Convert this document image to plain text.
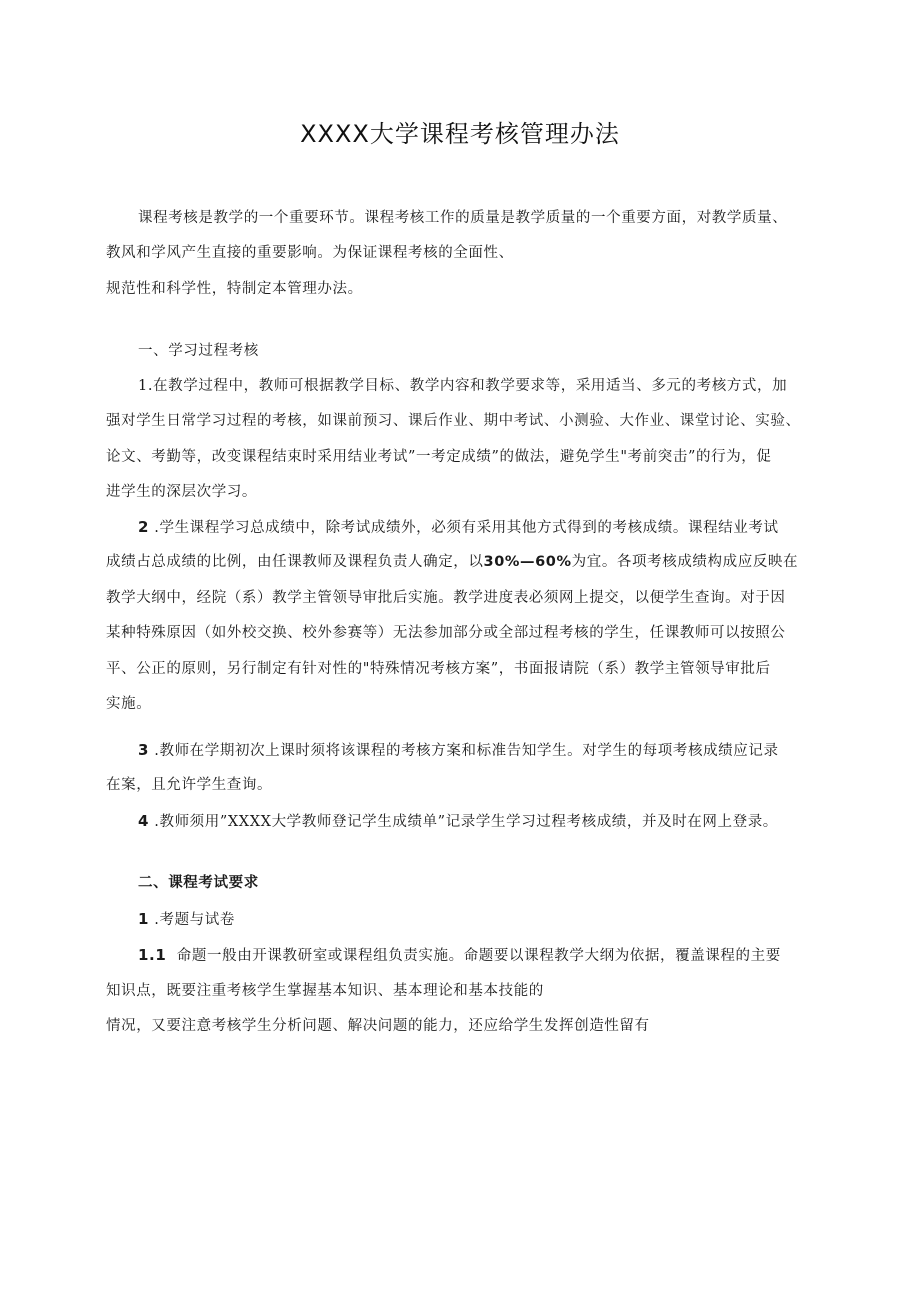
XXXX大学课程考核管理办法
课程考核是教学的一个重要环节。课程考核工作的质量是教学质量的一个重要方面，对教学质量、
教风和学风产生直接的重要影响。为保证课程考核的全面性、
规范性和科学性，特制定本管理办法。
一、学习过程考核
1.在教学过程中，教师可根据教学目标、教学内容和教学要求等，采用适当、多元的考核方式，加
强对学生日常学习过程的考核，如课前预习、课后作业、期中考试、小测验、大作业、课堂讨论、实验、
论文、考勤等，改变课程结束时采用结业考试”一考定成绩”的做法，避免学生"考前突击”的行为，促
进学生的深层次学习。
2 .学生课程学习总成绩中，除考试成绩外，必须有采用其他方式得到的考核成绩。课程结业考试
成绩占总成绩的比例，由任课教师及课程负责人确定，以30%—60%为宜。各项考核成绩构成应反映在
教学大纲中，经院（系）教学主管领导审批后实施。教学进度表必须网上提交，以便学生查询。对于因
某种特殊原因（如外校交换、校外参赛等）无法参加部分或全部过程考核的学生，任课教师可以按照公
平、公正的原则，另行制定有针对性的"特殊情况考核方案”，书面报请院（系）教学主管领导审批后
实施。
3 .教师在学期初次上课时须将该课程的考核方案和标准告知学生。对学生的每项考核成绩应记录
在案，且允许学生查询。
4 .教师须用”XXXX大学教师登记学生成绩单”记录学生学习过程考核成绩，并及时在网上登录。
二、课程考试要求
1 .考题与试卷
1.1 命题一般由开课教研室或课程组负责实施。命题要以课程教学大纲为依据，覆盖课程的主要
知识点，既要注重考核学生掌握基本知识、基本理论和基本技能的
情况，又要注意考核学生分析问题、解决问题的能力，还应给学生发挥创造性留有
